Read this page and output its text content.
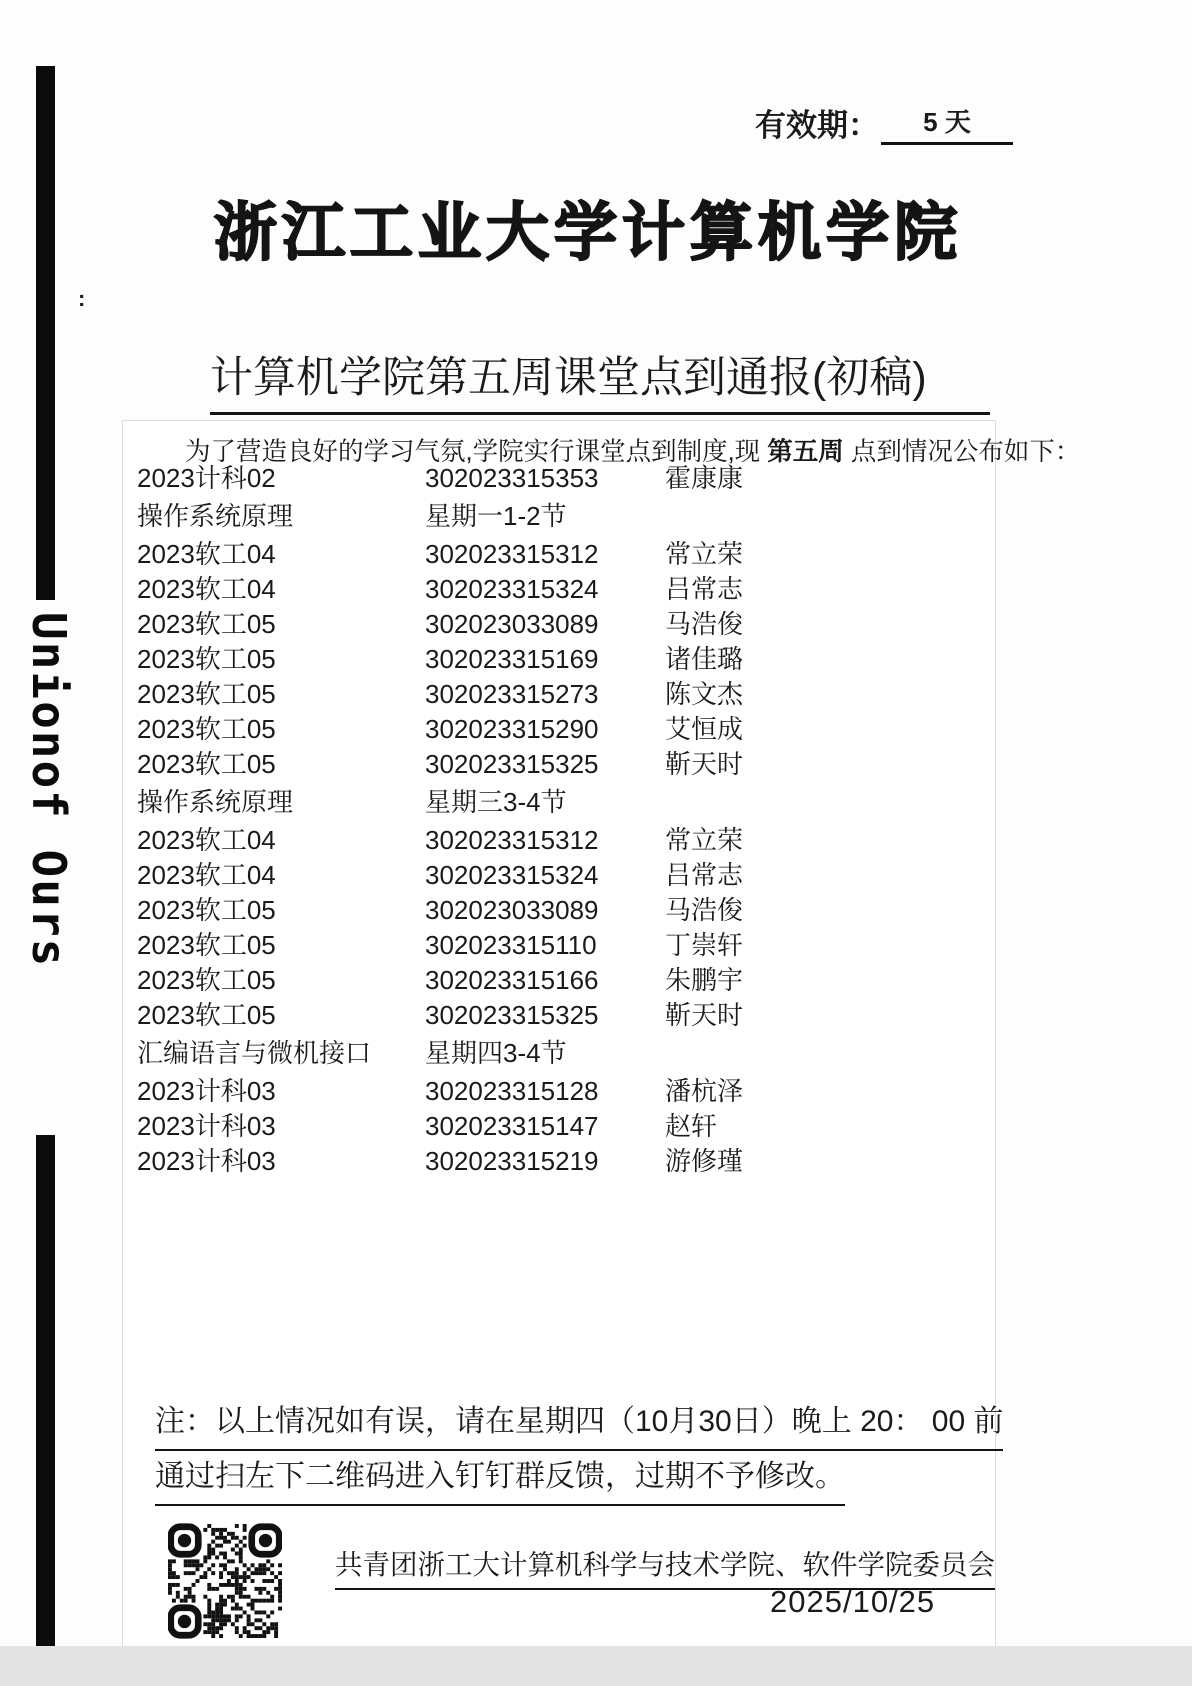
Unionof Ours
:
有效期：	5 天
浙江工业大学计算机学院
计算机学院第五周课堂点到通报(初稿)
为了营造良好的学习气氛,学院实行课堂点到制度,现 第五周 点到情况公布如下：
2023计科02	302023315353	霍康康
操作系统原理	星期一1-2节
2023软工04	302023315312	常立荣
2023软工04	302023315324	吕常志
2023软工05	302023033089	马浩俊
2023软工05	302023315169	诸佳璐
2023软工05	302023315273	陈文杰
2023软工05	302023315290	艾恒成
2023软工05	302023315325	靳天时
操作系统原理	星期三3-4节
2023软工04	302023315312	常立荣
2023软工04	302023315324	吕常志
2023软工05	302023033089	马浩俊
2023软工05	302023315110	丁崇轩
2023软工05	302023315166	朱鹏宇
2023软工05	302023315325	靳天时
汇编语言与微机接口	星期四3-4节
2023计科03	302023315128	潘杭泽
2023计科03	302023315147	赵轩
2023计科03	302023315219	游修瑾
注：以上情况如有误，请在星期四（10月30日）晚上 20： 00 前
通过扫左下二维码进入钉钉群反馈，过期不予修改。
共青团浙工大计算机科学与技术学院、软件学院委员会
2025/10/25
